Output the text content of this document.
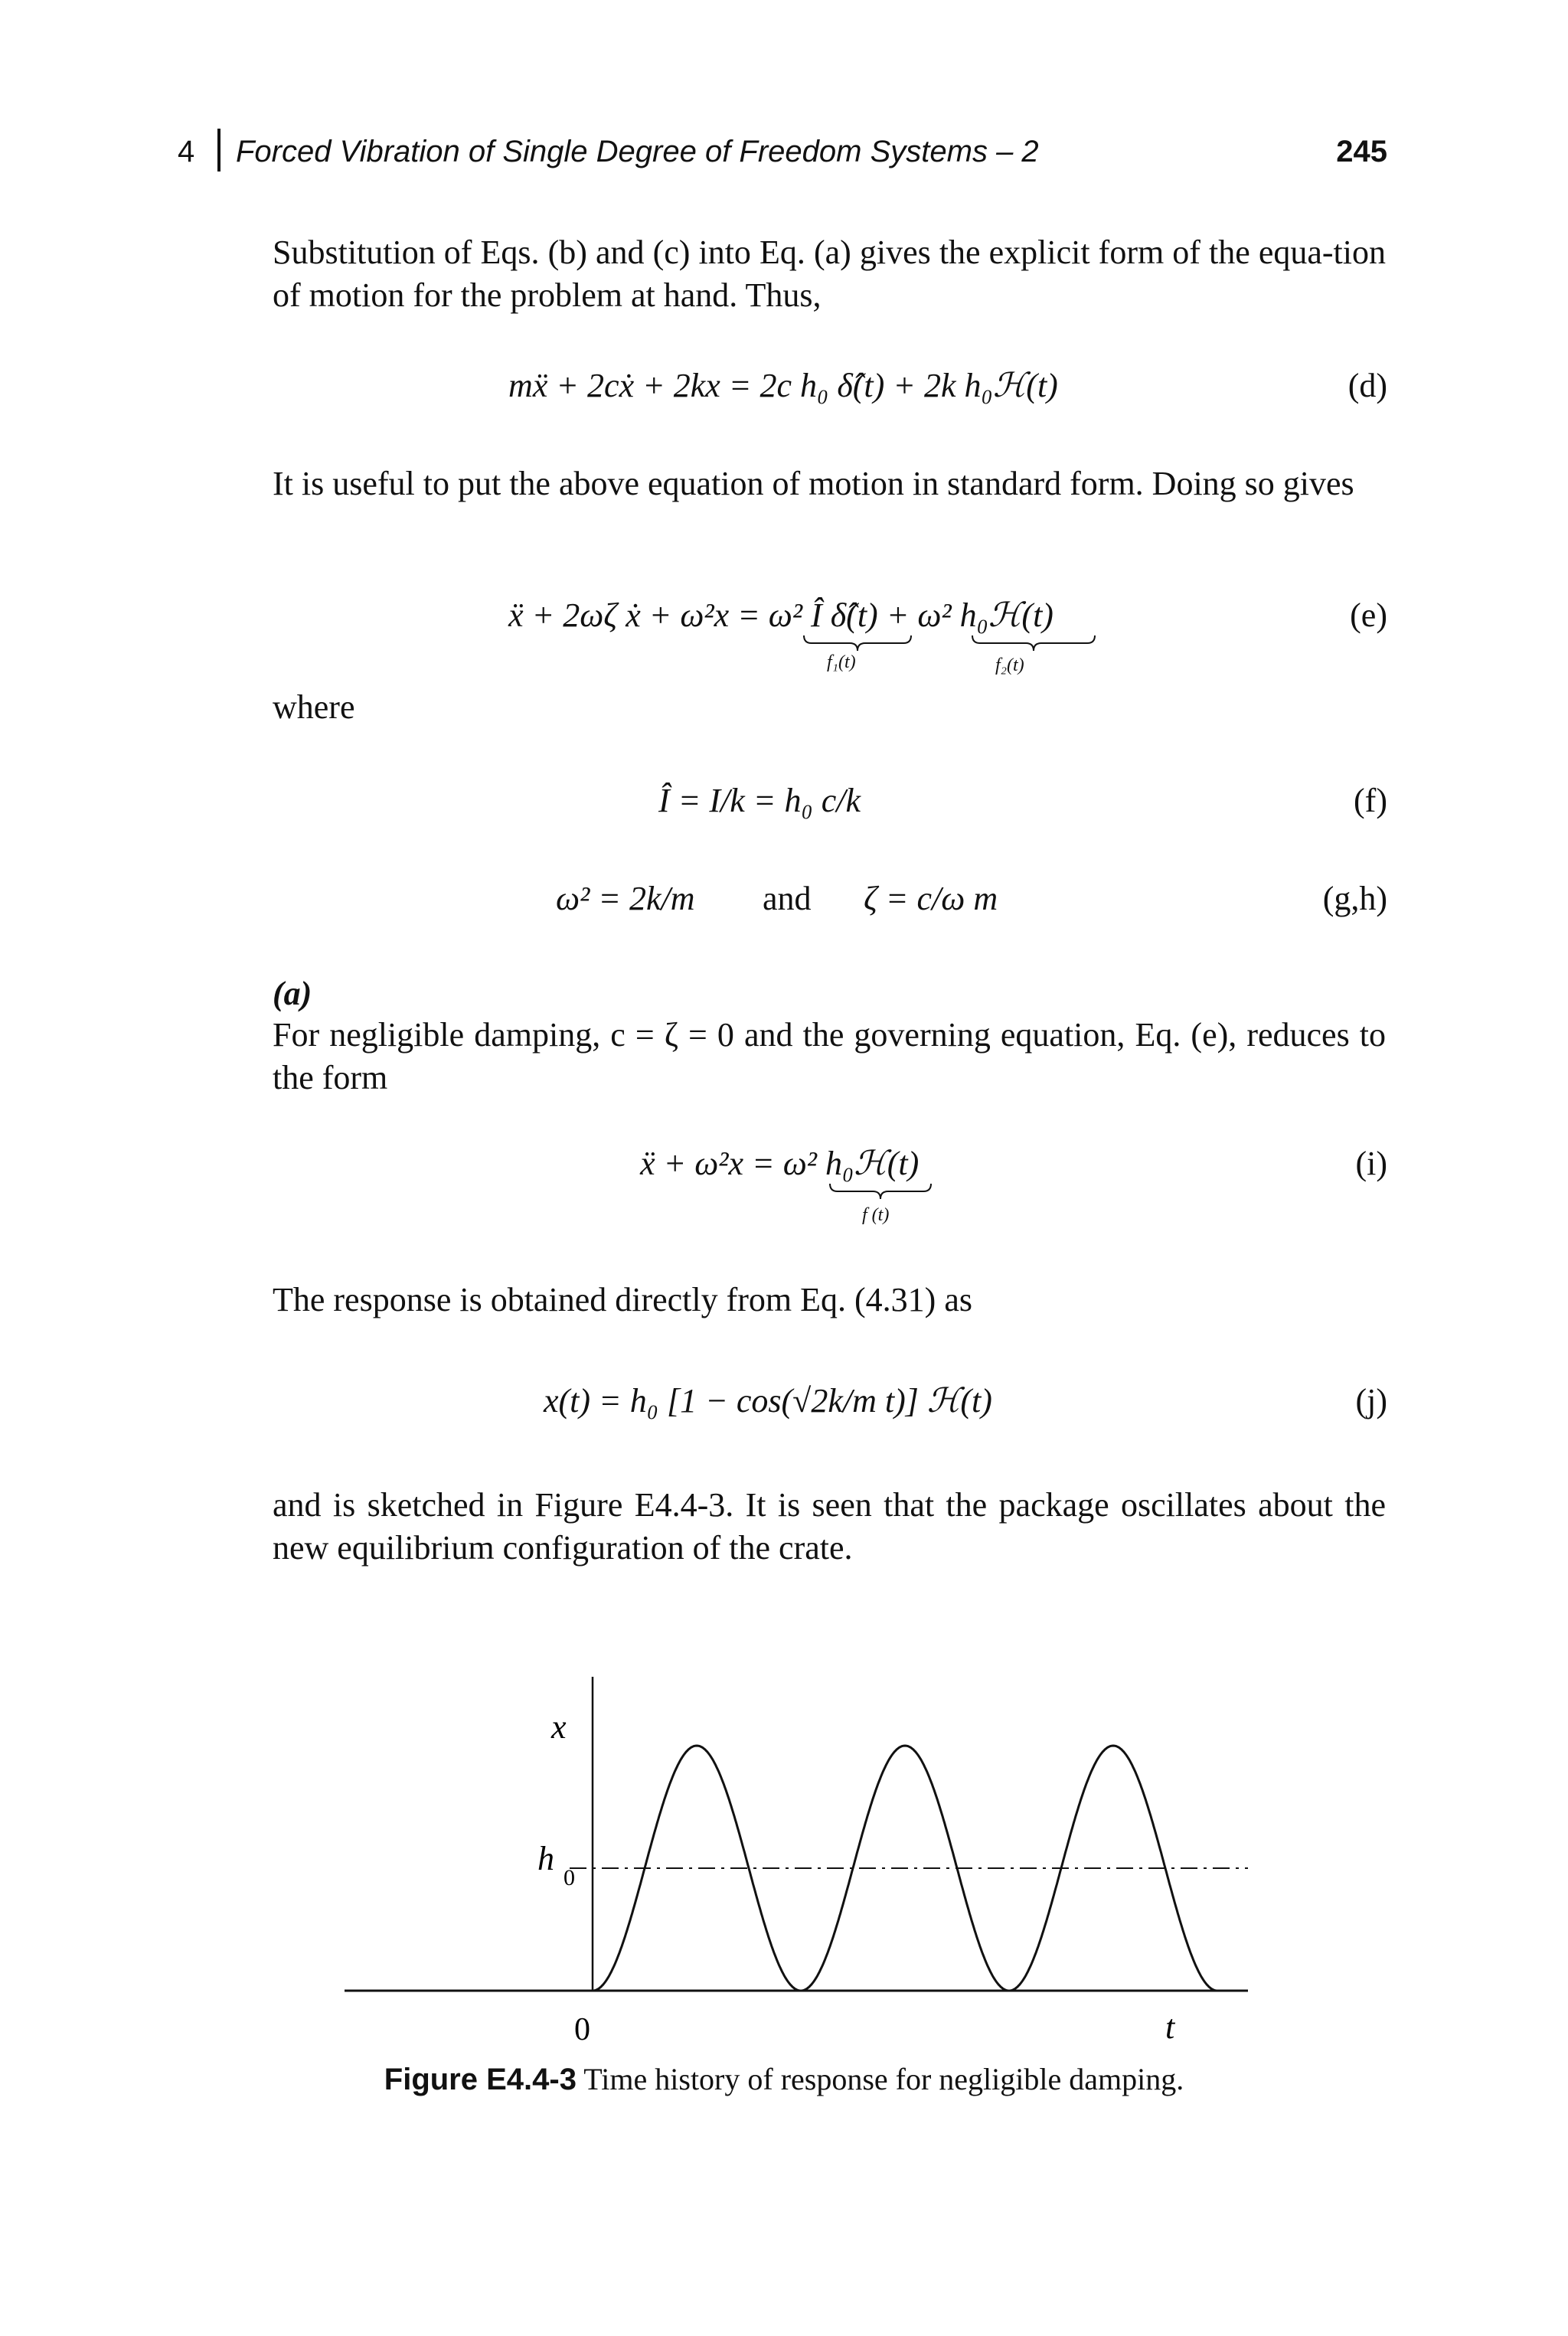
4 Forced Vibration of Single Degree of Freedom Systems – 2	245
Substitution of Eqs. (b) and (c) into Eq. (a) gives the explicit form of the equa-tion of motion for the problem at hand. Thus,
mẍ + 2cẋ + 2kx = 2c h₀ δ̂(t) + 2k h₀ℋ(t)	(d)
It is useful to put the above equation of motion in standard form. Doing so gives
ẍ + 2ωζ ẋ + ω²x = ω² Î δ̂(t) + ω² h₀ℋ(t)
f₁(t)	f₂(t)
(e)
where
Î = I/k = h₀ c/k	(f)
ω² = 2k/m and ζ = c/ω m	(g,h)
(a)
For negligible damping, c = ζ = 0 and the governing equation, Eq. (e), reduces to the form
ẍ + ω²x = ω² h₀ℋ(t)
f (t)
(i)
The response is obtained directly from Eq. (4.31) as
x(t) = h₀ [1 − cos(√2k/m t)] ℋ(t)	(j)
and is sketched in Figure E4.4-3. It is seen that the package oscillates about the new equilibrium configuration of the crate.
x
t
0
h
0
Figure E4.4-3 Time history of response for negligible damping.
